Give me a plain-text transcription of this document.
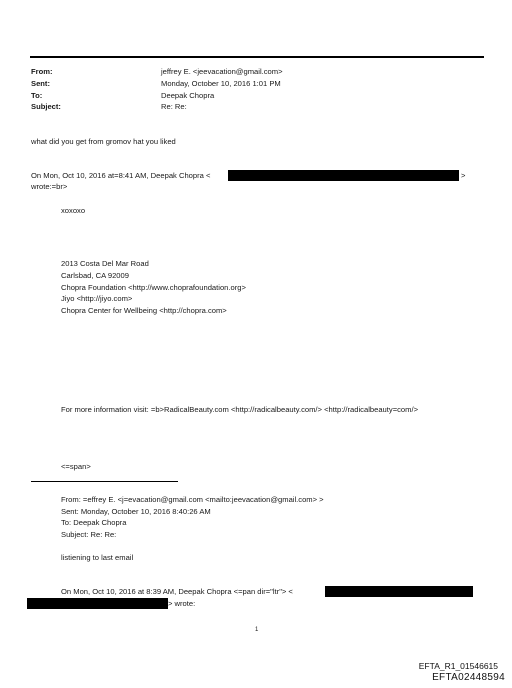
From:	jeffrey E. <jeevacation@gmail.com>
Sent:	Monday, October 10, 2016 1:01 PM
To:	Deepak Chopra
Subject:	Re: Re:
what did you get from gromov hat you liked
On Mon, Oct 10, 2016 at=8:41 AM, Deepak Chopra <	>
wrote:=br>
xoxoxo
2013 Costa Del Mar Road
Carlsbad, CA 92009
Chopra Foundation <http://www.choprafoundation.org>
Jiyo <http://jiyo.com>
Chopra Center for Wellbeing <http://chopra.com>
For more information visit: =b>RadicalBeauty.com <http://radicalbeauty.com/> <http://radicalbeauty=com/>
<=span>
From: =effrey E. <j=evacation@gmail.com <mailto:jeevacation@gmail.com> >
Sent: Monday, October 10, 2016 8:40:26 AM
To: Deepak Chopra
Subject: Re: Re:
listiening to last email
On Mon, Oct 10, 2016 at 8:39 AM, Deepak Chopra <=pan dir="ltr"> <
> wrote:
1
EFTA_R1_01546615
EFTA02448594
